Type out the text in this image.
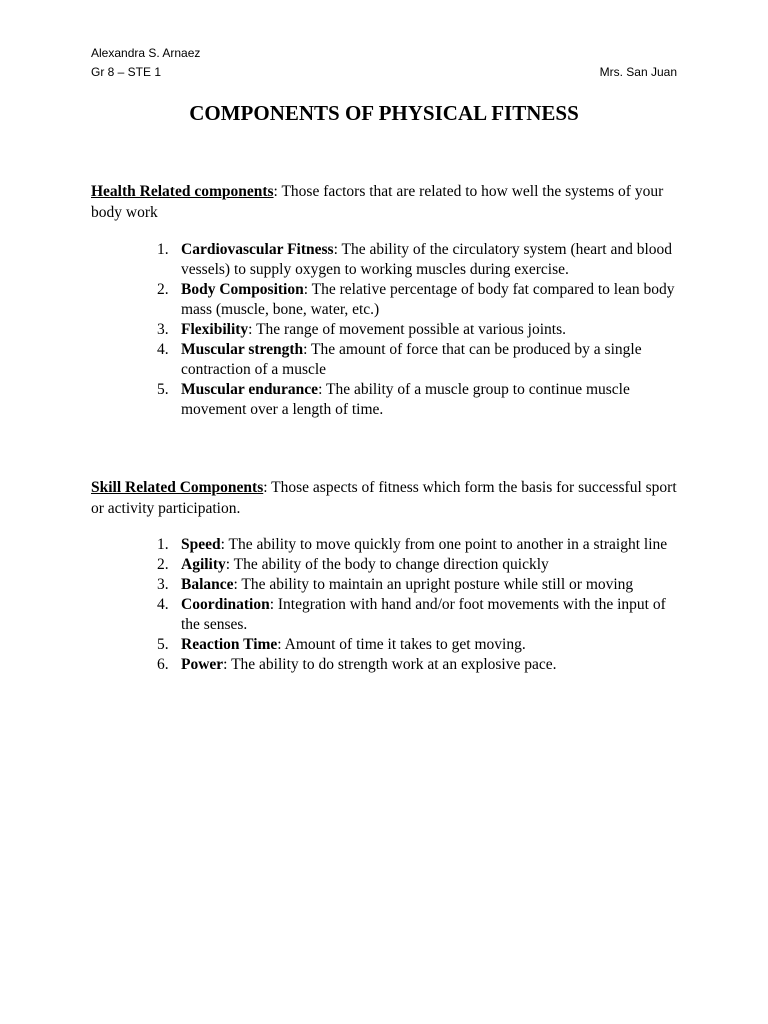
Alexandra S. Arnaez
Gr 8 – STE 1	Mrs. San Juan
COMPONENTS OF PHYSICAL FITNESS
Health Related components: Those factors that are related to how well the systems of your body work
1. Cardiovascular Fitness: The ability of the circulatory system (heart and blood vessels) to supply oxygen to working muscles during exercise.
2. Body Composition: The relative percentage of body fat compared to lean body mass (muscle, bone, water, etc.)
3. Flexibility: The range of movement possible at various joints.
4. Muscular strength: The amount of force that can be produced by a single contraction of a muscle
5. Muscular endurance: The ability of a muscle group to continue muscle movement over a length of time.
Skill Related Components: Those aspects of fitness which form the basis for successful sport or activity participation.
1. Speed: The ability to move quickly from one point to another in a straight line
2. Agility: The ability of the body to change direction quickly
3. Balance: The ability to maintain an upright posture while still or moving
4. Coordination: Integration with hand and/or foot movements with the input of the senses.
5. Reaction Time: Amount of time it takes to get moving.
6. Power: The ability to do strength work at an explosive pace.
